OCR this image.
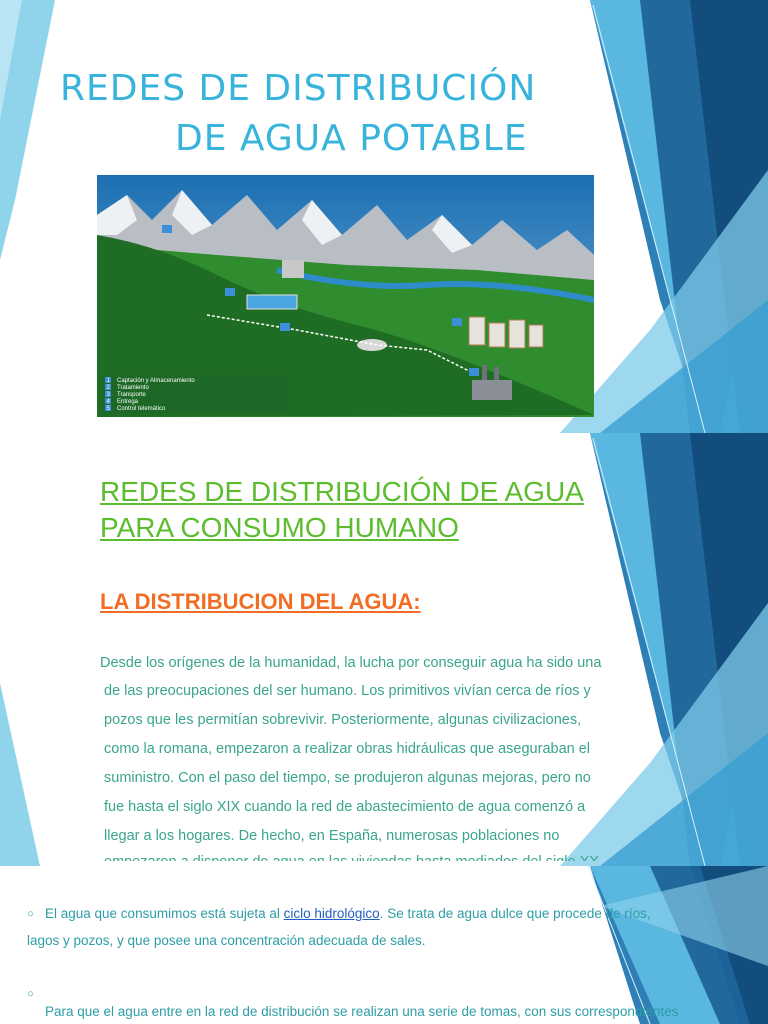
REDES DE DISTRIBUCIÓN
DE AGUA POTABLE
1 Captación y Almacenamiento
2 Tratamiento
3 Transporte
4 Entrega
5 Control telemático
REDES DE DISTRIBUCIÓN DE AGUA
PARA CONSUMO HUMANO
LA DISTRIBUCION DEL AGUA:
Desde los orígenes de la humanidad, la lucha por conseguir agua ha sido una
de las preocupaciones del ser humano. Los primitivos vivían cerca de ríos y
pozos que les permitían sobrevivir. Posteriormente, algunas civilizaciones,
como la romana, empezaron a realizar obras hidráulicas que aseguraban el
suministro. Con el paso del tiempo, se produjeron algunas mejoras, pero no
fue hasta el siglo XIX cuando la red de abastecimiento de agua comenzó a
llegar a los hogares. De hecho, en España, numerosas poblaciones no
○ El agua que consumimos está sujeta al ciclo hidrológico. Se trata de agua dulce que procede de ríos,
lagos y pozos, y que posee una concentración adecuada de sales.
○
Para que el agua entre en la red de distribución se realizan una serie de tomas, con sus correspondientes
